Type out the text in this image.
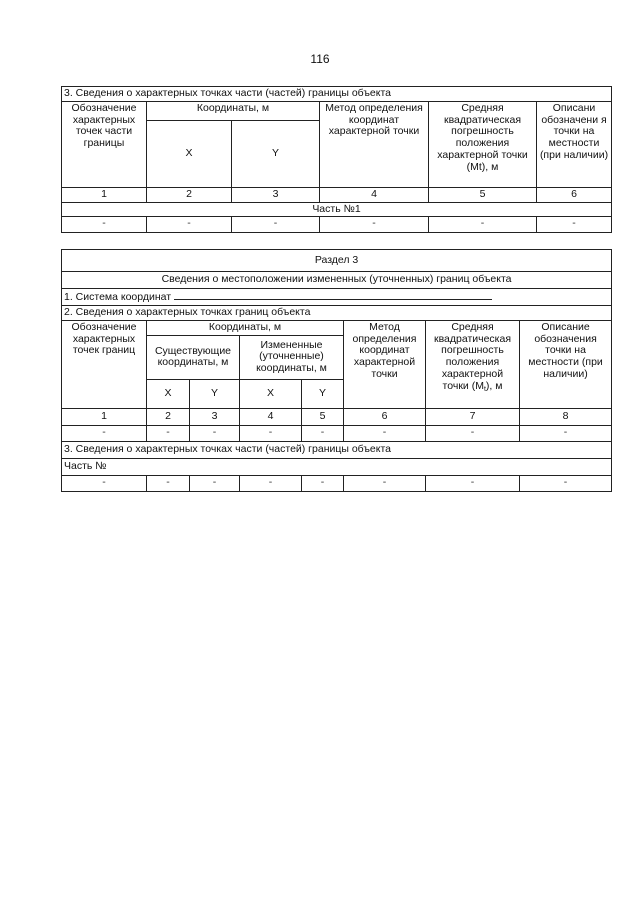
116
3. Сведения о характерных точках части (частей) границы объекта					
Обозначение характерных точек части границы	Координаты, м		Метод определения координат характерной точки	Средняя квадратическая погрешность положения характерной точки (Mt), м	Описани обозначени я точки на местности (при наличии)
	X	Y			
1	2	3	4	5	6
Часть №1					
-	-	-	-	-	-
Раздел 3							
Сведения о местоположении измененных (уточненных) границ объекта							
1. Система координат							
2. Сведения о характерных точках границ объекта							
Обозначение характерных точек границ	Координаты, м				Метод определения координат характерной точки	Средняя квадратическая погрешность положения характерной точки $(M_t)$, м	Описание обозначения точки на местности (при наличии)
	Существующие координаты, м		Измененные (уточненные) координаты, м				
	X	Y	X	Y			
1	2	3	4	5	6	7	8
-	-	-	-	-	-	-	-
3. Сведения о характерных точках части (частей) границы объекта							
Часть №							
-	-	-	-	-	-	-	-
